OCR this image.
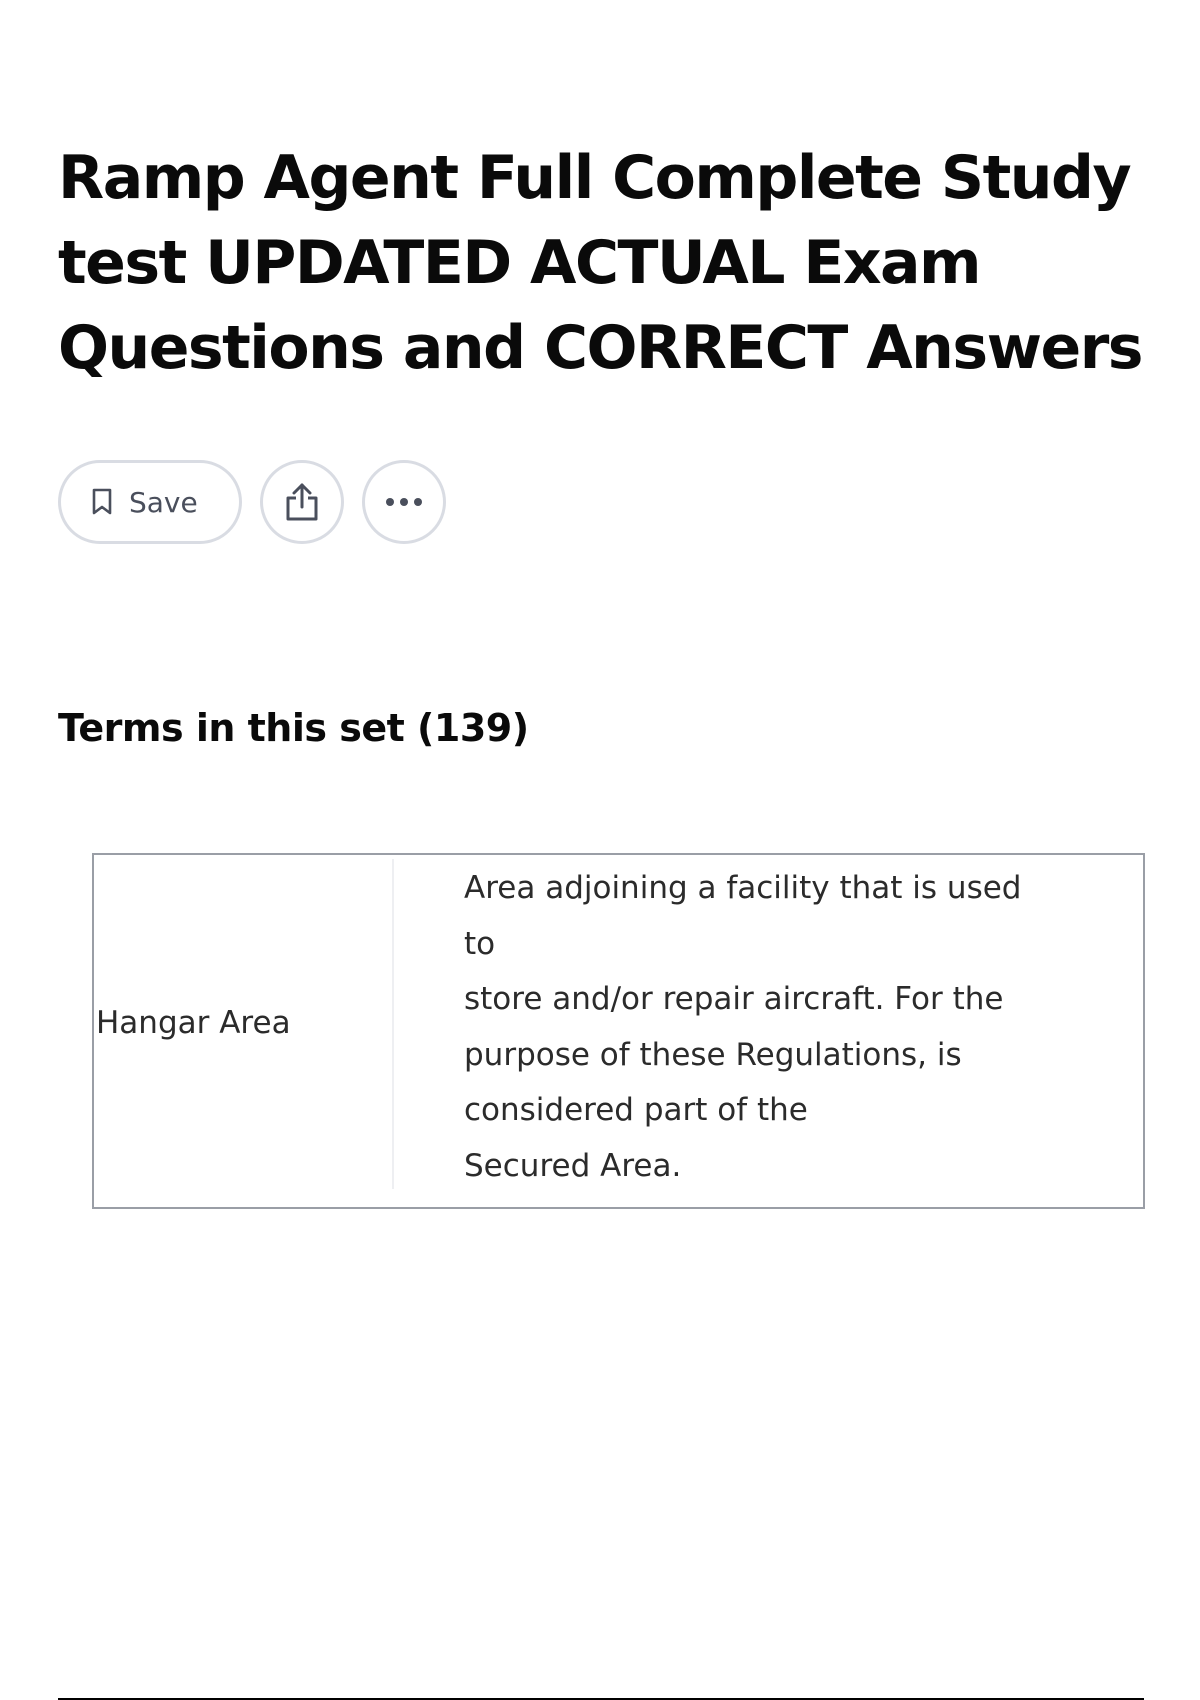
Ramp Agent Full Complete Study test UPDATED ACTUAL Exam Questions and CORRECT Answers
Save
Terms in this set (139)
Hangar Area
Area adjoining a facility that is used
to
store and/or repair aircraft. For the
purpose of these Regulations, is
considered part of the
Secured Area.
